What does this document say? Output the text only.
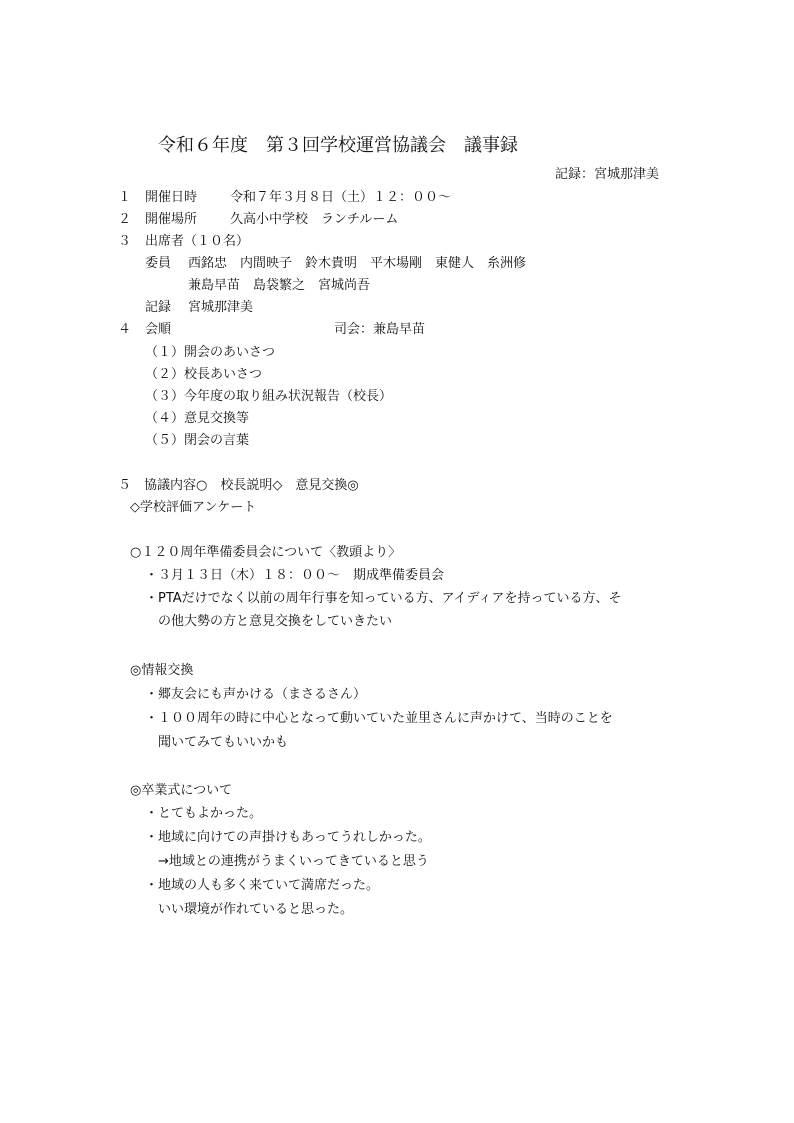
令和６年度　第３回学校運営協議会　議事録
記録：宮城那津美
１ 開催日時	令和７年３月８日（土）１２：００～
２ 開催場所	久高小中学校　ランチルーム
３ 出席者（１０名）
委員 西銘忠　内間映子　鈴木貴明　平木場剛　東健人　糸洲修
兼島早苗　島袋繁之　宮城尚吾
記録 宮城那津美
４ 会順	司会：兼島早苗
（１）開会のあいさつ
（２）校長あいさつ
（３）今年度の取り組み状況報告（校長）
（４）意見交換等
（５）閉会の言葉
５　協議内容○　校長説明◇　意見交換◎
◇学校評価アンケート
○１２０周年準備委員会について〈教頭より〉
・３月１３日（木）１８：００～　期成準備委員会
・PTAだけでなく以前の周年行事を知っている方、アイディアを持っている方、そ
の他大勢の方と意見交換をしていきたい
◎情報交換
・郷友会にも声かける（まさるさん）
・１００周年の時に中心となって動いていた並里さんに声かけて、当時のことを
聞いてみてもいいかも
◎卒業式について
・とてもよかった。
・地域に向けての声掛けもあってうれしかった。
→地域との連携がうまくいってきていると思う
・地域の人も多く来ていて満席だった。
いい環境が作れていると思った。
